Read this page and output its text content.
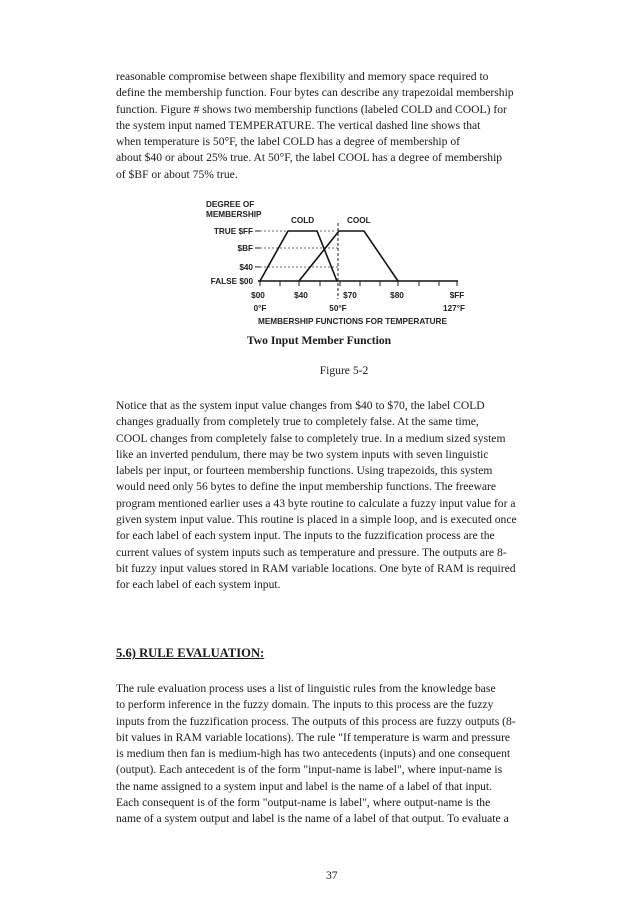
reasonable compromise between shape flexibility and memory space required to
define the membership function. Four bytes can describe any trapezoidal membership
function. Figure # shows two membership functions (labeled COLD and COOL) for
the system input named TEMPERATURE. The vertical dashed line shows that
when temperature is 50°F, the label COLD has a degree of membership of
about $40 or about 25% true. At 50°F, the label COOL has a degree of membership
of $BF or about 75% true.

DEGREE OF
MEMBERSHIP
TRUE $FF
$BF
$40
FALSE $00
COLD	COOL
$00	$40	$70	$80	$FF
0°F	50°F	127°F
MEMBERSHIP FUNCTIONS FOR TEMPERATURE
Two Input Member Function
Figure 5-2

Notice that as the system input value changes from $40 to $70, the label COLD
changes gradually from completely true to completely false. At the same time,
COOL changes from completely false to completely true. In a medium sized system
like an inverted pendulum, there may be two system inputs with seven linguistic
labels per input, or fourteen membership functions. Using trapezoids, this system
would need only 56 bytes to define the input membership functions. The freeware
program mentioned earlier uses a 43 byte routine to calculate a fuzzy input value for a
given system input value. This routine is placed in a simple loop, and is executed once
for each label of each system input. The inputs to the fuzzification process are the
current values of system inputs such as temperature and pressure. The outputs are 8-
bit fuzzy input values stored in RAM variable locations. One byte of RAM is required
for each label of each system input.

5.6) RULE EVALUATION:

The rule evaluation process uses a list of linguistic rules from the knowledge base
to perform inference in the fuzzy domain. The inputs to this process are the fuzzy
inputs from the fuzzification process. The outputs of this process are fuzzy outputs (8-
bit values in RAM variable locations). The rule "If temperature is warm and pressure
is medium then fan is medium-high has two antecedents (inputs) and one consequent
(output). Each antecedent is of the form "input-name is label", where input-name is
the name assigned to a system input and label is the name of a label of that input.
Each consequent is of the form "output-name is label", where output-name is the
name of a system output and label is the name of a label of that output. To evaluate a

37
